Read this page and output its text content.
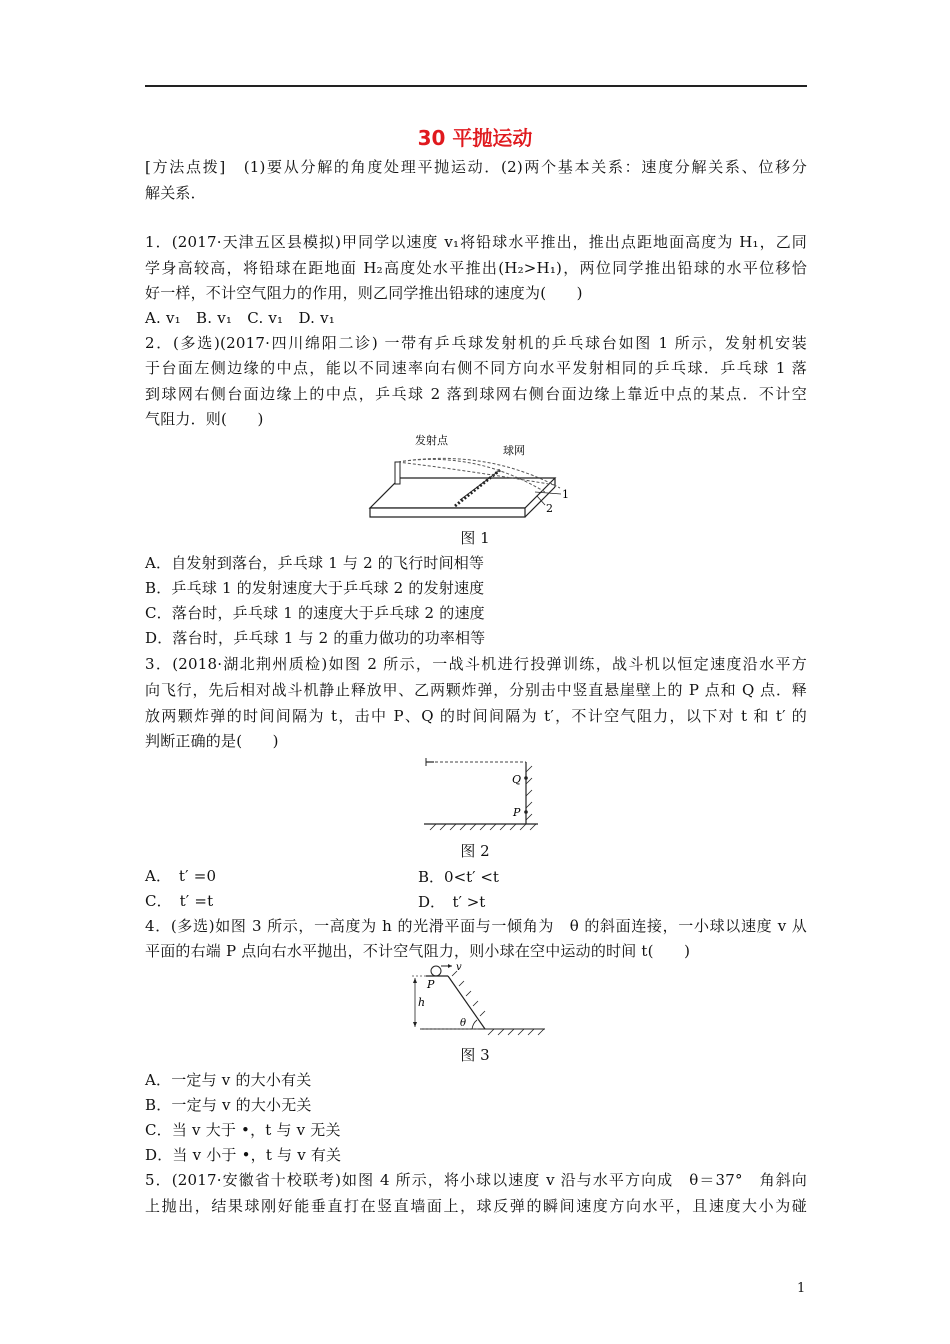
30 平抛运动
[方法点拨]　(1)要从分解的角度处理平抛运动．(2)两个基本关系：速度分解关系、位移分
解关系．
1．(2017·天津五区县模拟)甲同学以速度 v₁将铅球水平推出，推出点距地面高度为 H₁，乙同
学身高较高，将铅球在距地面 H₂高度处水平推出(H₂>H₁)，两位同学推出铅球的水平位移恰
好一样，不计空气阻力的作用，则乙同学推出铅球的速度为(　　)
A. v₁　B. v₁　C. v₁　D. v₁
2．(多选)(2017·四川绵阳二诊) 一带有乒乓球发射机的乒乓球台如图 1 所示，发射机安装
于台面左侧边缘的中点，能以不同速率向右侧不同方向水平发射相同的乒乓球．乒乓球 1 落
到球网右侧台面边缘上的中点，乒乓球 2 落到球网右侧台面边缘上靠近中点的某点．不计空
气阻力．则(　　)
发射点
球网
1
2
图 1
A．自发射到落台，乒乓球 1 与 2 的飞行时间相等
B．乒乓球 1 的发射速度大于乒乓球 2 的发射速度
C．落台时，乒乓球 1 的速度大于乒乓球 2 的速度
D．落台时，乒乓球 1 与 2 的重力做功的功率相等
3．(2018·湖北荆州质检)如图 2 所示，一战斗机进行投弹训练，战斗机以恒定速度沿水平方
向飞行，先后相对战斗机静止释放甲、乙两颗炸弹，分别击中竖直悬崖壁上的 P 点和 Q 点．释
放两颗炸弹的时间间隔为 t，击中 P、Q 的时间间隔为 t′，不计空气阻力，以下对 t 和 t′ 的
判断正确的是(　　)
Q
P
图 2
A．　t′ =0	B．0<t′ <t
C．　t′ =t	D．　t′ >t
4．(多选)如图 3 所示，一高度为 h 的光滑平面与一倾角为　θ 的斜面连接，一小球以速度 v 从
平面的右端 P 点向右水平抛出，不计空气阻力，则小球在空中运动的时间 t(　　)
v
P
h
θ
图 3
A．一定与 v 的大小有关
B．一定与 v 的大小无关
C．当 v 大于 •，t 与 v 无关
D．当 v 小于 •，t 与 v 有关
5．(2017·安徽省十校联考)如图 4 所示，将小球以速度 v 沿与水平方向成　θ＝37°　角斜向
上抛出，结果球刚好能垂直打在竖直墙面上，球反弹的瞬间速度方向水平，且速度大小为碰
1
